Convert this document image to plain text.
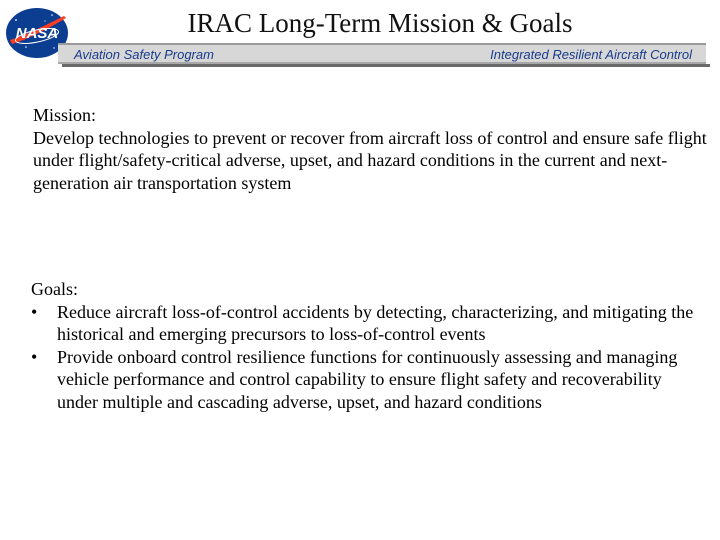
NASA	IRAC Long-Term Mission & Goals
Aviation Safety Program	Integrated Resilient Aircraft Control
Mission:
Develop technologies to prevent or recover from aircraft loss of control and ensure safe flight under flight/safety-critical adverse, upset, and hazard conditions in the current and next-generation air transportation system
Goals:
• Reduce aircraft loss-of-control accidents by detecting, characterizing, and mitigating the historical and emerging precursors to loss-of-control events
• Provide onboard control resilience functions for continuously assessing and managing vehicle performance and control capability to ensure flight safety and recoverability under multiple and cascading adverse, upset, and hazard conditions
